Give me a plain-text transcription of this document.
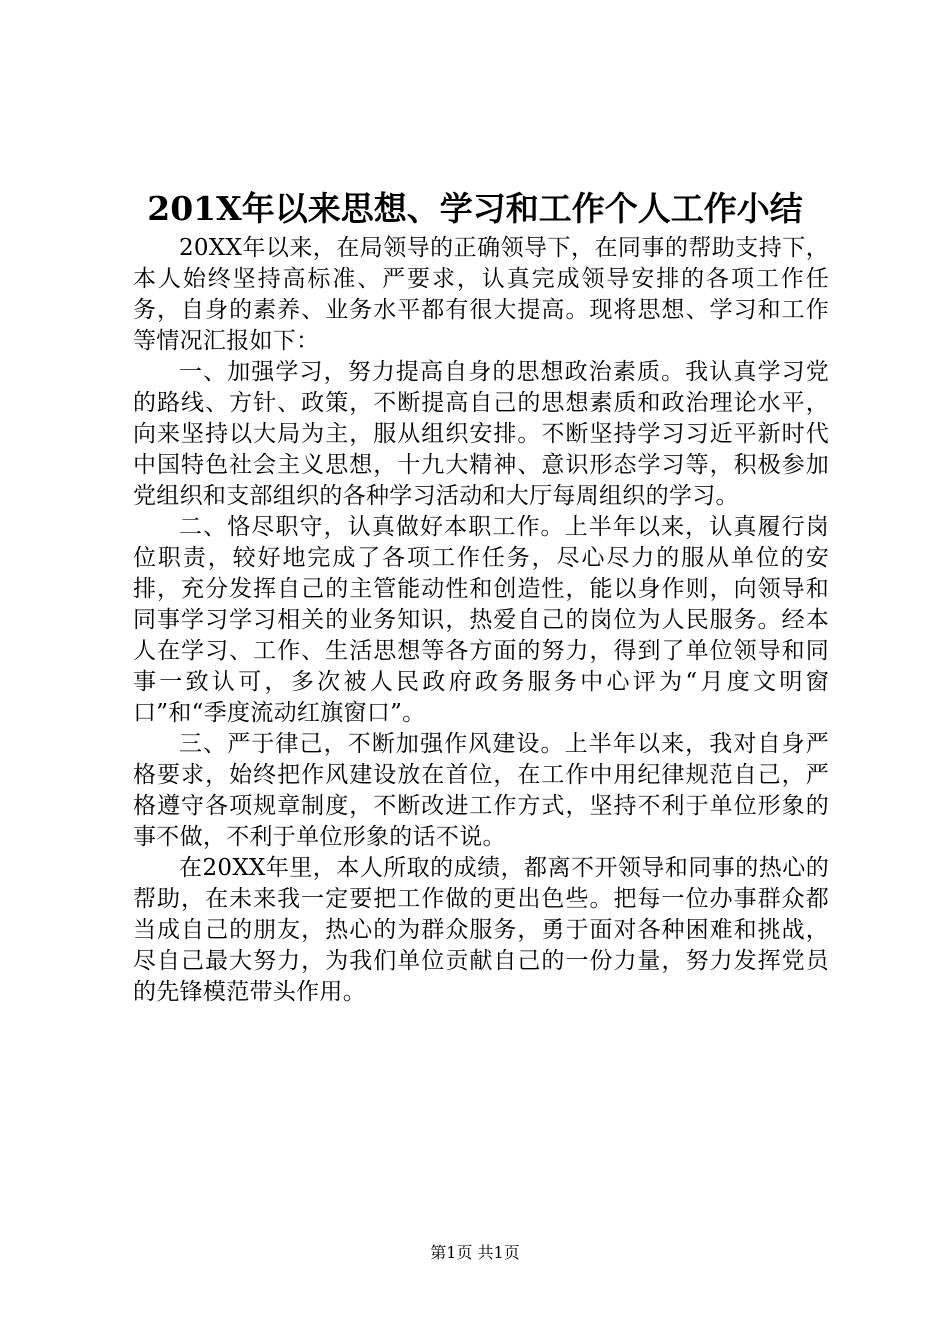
201X年以来思想、学习和工作个人工作小结

20XX年以来，在局领导的正确领导下，在同事的帮助支持下，本人始终坚持高标准、严要求，认真完成领导安排的各项工作任务，自身的素养、业务水平都有很大提高。现将思想、学习和工作等情况汇报如下：

一、加强学习，努力提高自身的思想政治素质。我认真学习党的路线、方针、政策，不断提高自己的思想素质和政治理论水平，向来坚持以大局为主，服从组织安排。不断坚持学习习近平新时代中国特色社会主义思想，十九大精神、意识形态学习等，积极参加党组织和支部组织的各种学习活动和大厅每周组织的学习。

二、恪尽职守，认真做好本职工作。上半年以来，认真履行岗位职责，较好地完成了各项工作任务，尽心尽力的服从单位的安排，充分发挥自己的主管能动性和创造性，能以身作则，向领导和同事学习学习相关的业务知识，热爱自己的岗位为人民服务。经本人在学习、工作、生活思想等各方面的努力，得到了单位领导和同事一致认可，多次被人民政府政务服务中心评为“月度文明窗口”和“季度流动红旗窗口”。

三、严于律己，不断加强作风建设。上半年以来，我对自身严格要求，始终把作风建设放在首位，在工作中用纪律规范自己，严格遵守各项规章制度，不断改进工作方式，坚持不利于单位形象的事不做，不利于单位形象的话不说。

在20XX年里，本人所取的成绩，都离不开领导和同事的热心的帮助，在未来我一定要把工作做的更出色些。把每一位办事群众都当成自己的朋友，热心的为群众服务，勇于面对各种困难和挑战，尽自己最大努力，为我们单位贡献自己的一份力量，努力发挥党员的先锋模范带头作用。

第1页 共1页
